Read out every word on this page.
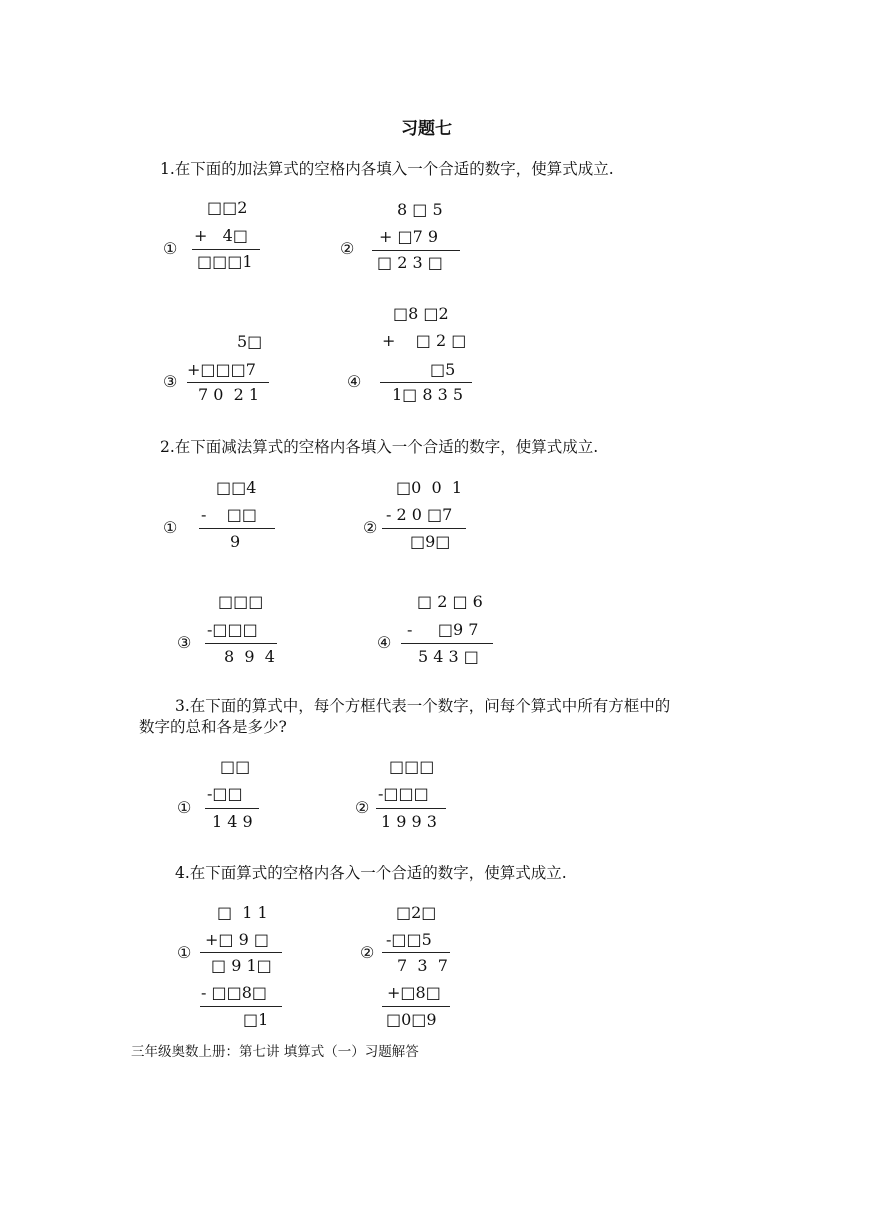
习题七
1.在下面的加法算式的空格内各填入一个合适的数字，使算式成立.
□□2
①
+   4□
□□□1
8 □ 5
②
+ □7 9
□ 2 3 □
5□
③
+□□□7
7 0  2 1
□8 □2
+    □ 2 □
④
□5
1□ 8 3 5
2.在下面减法算式的空格内各填入一个合适的数字，使算式成立.
□□4
①
-    □□
9
□0  0  1
②
- 2 0 □7
□9□
□□□
③
-□□□
8  9  4
□ 2 □ 6
④
-     □9 7
5 4 3 □
3.在下面的算式中，每个方框代表一个数字，问每个算式中所有方框中的
数字的总和各是多少?
□□
①
-□□
1 4 9
□□□
②
-□□□
1 9 9 3
4.在下面算式的空格内各入一个合适的数字，使算式成立.
□  1 1
①
+□ 9 □
□ 9 1□
- □□8□
□1
□2□
②
-□□5
7  3  7
+□8□
□0□9
三年级奥数上册：第七讲 填算式（一）习题解答
